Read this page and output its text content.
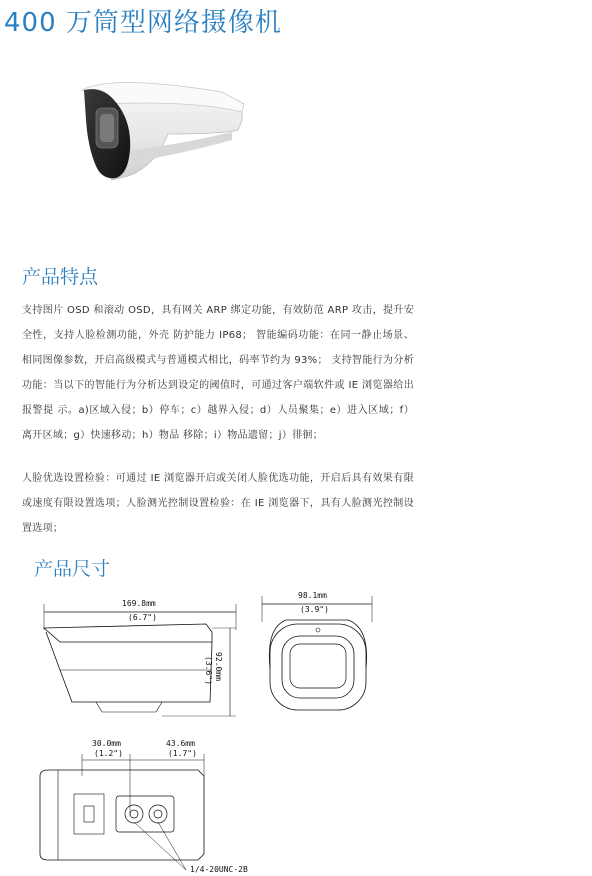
400 万筒型网络摄像机
产品特点
支持图片 OSD 和滚动 OSD，具有网关 ARP 绑定功能，有效防范 ARP 攻击，提升安全性，支持人脸检测功能，外壳 防护能力 IP68； 智能编码功能：在同一静止场景、相同图像参数，开启高级模式与普通模式相比，码率节约为 93%； 支持智能行为分析功能：当以下的智能行为分析达到设定的阈值时，可通过客户端软件或 IE 浏览器给出报警提 示。a)区域入侵；b）停车；c）越界入侵；d）人员聚集；e）进入区域；f）离开区域；g）快速移动；h）物品 移除；i）物品遗留；j）徘徊；
人脸优选设置检验：可通过 IE 浏览器开启或关闭人脸优选功能，开启后具有效果有限或速度有限设置选项；人脸测光控制设置检验：在 IE 浏览器下，具有人脸测光控制设置选项；
产品尺寸
169.8mm
(6.7")
92.0mm
(3.6")
98.1mm
(3.9")
30.0mm
(1.2")
43.6mm
(1.7")
1/4-20UNC-2B
